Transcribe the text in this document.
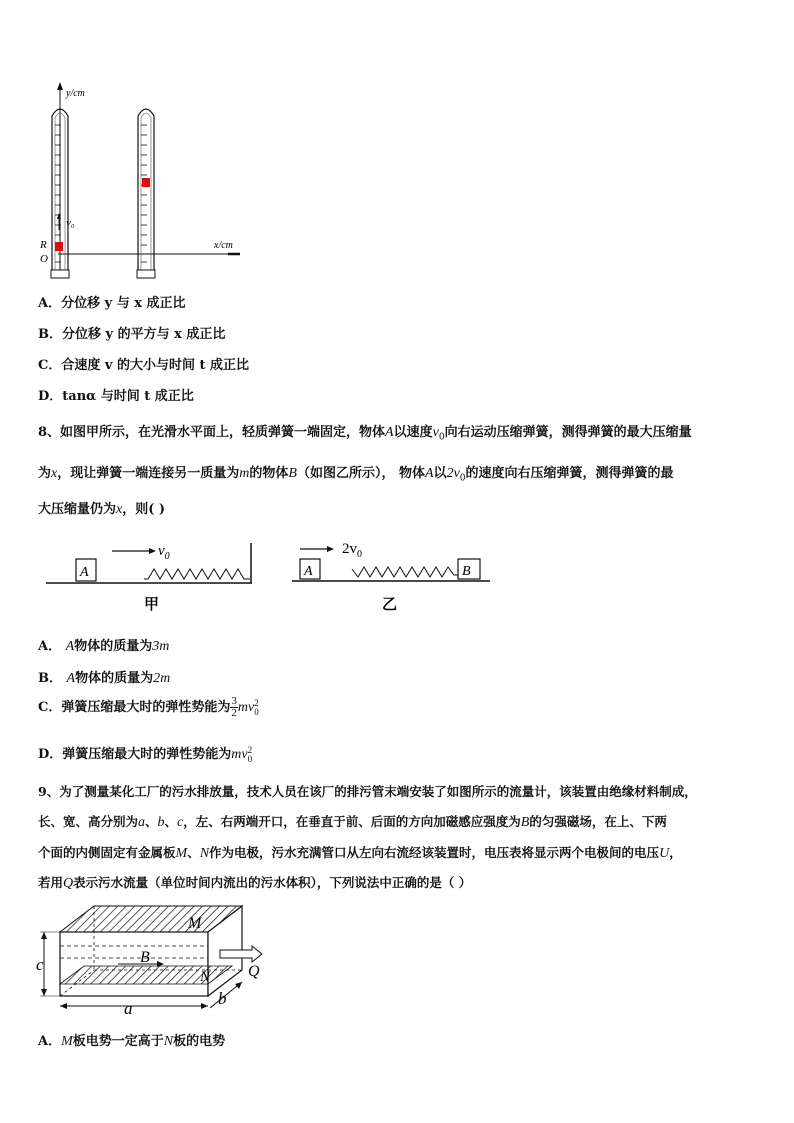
v₀
y/cm
x/cm
R
O
A．分位移 y 与 x 成正比
B．分位移 y 的平方与 x 成正比
C．合速度 v 的大小与时间 t 成正比
D．tanα 与时间 t 成正比
8、如图甲所示，在光滑水平面上，轻质弹簧一端固定，物体A以速度$v_0$向右运动压缩弹簧，测得弹簧的最大压缩量
为x，现让弹簧一端连接另一质量为m的物体B（如图乙所示）， 物体A以$2v_0$的速度向右压缩弹簧，测得弹簧的最
大压缩量仍为x，则( )
A
$v_0$
甲
A	B
$2v_0$
乙
A． A物体的质量为3m
B． A物体的质量为2m
C．弹簧压缩最大时的弹性势能为 $\frac{3}{2}$ mv 2
0
D．弹簧压缩最大时的弹性势能为mv 2
0
9、为了测量某化工厂的污水排放量，技术人员在该厂的排污管末端安装了如图所示的流量计，该装置由绝缘材料制成，
长、宽、高分别为a、b、c，左、右两端开口，在垂直于前、后面的方向加磁感应强度为B的匀强磁场，在上、下两
个面的内侧固定有金属板M、N作为电极，污水充满管口从左向右流经该装置时，电压表将显示两个电极间的电压U，
若用Q表示污水流量（单位时间内流出的污水体积），下列说法中正确的是（ ）
B
M
N Q
c
a
b
A．M板电势一定高于N板的电势
